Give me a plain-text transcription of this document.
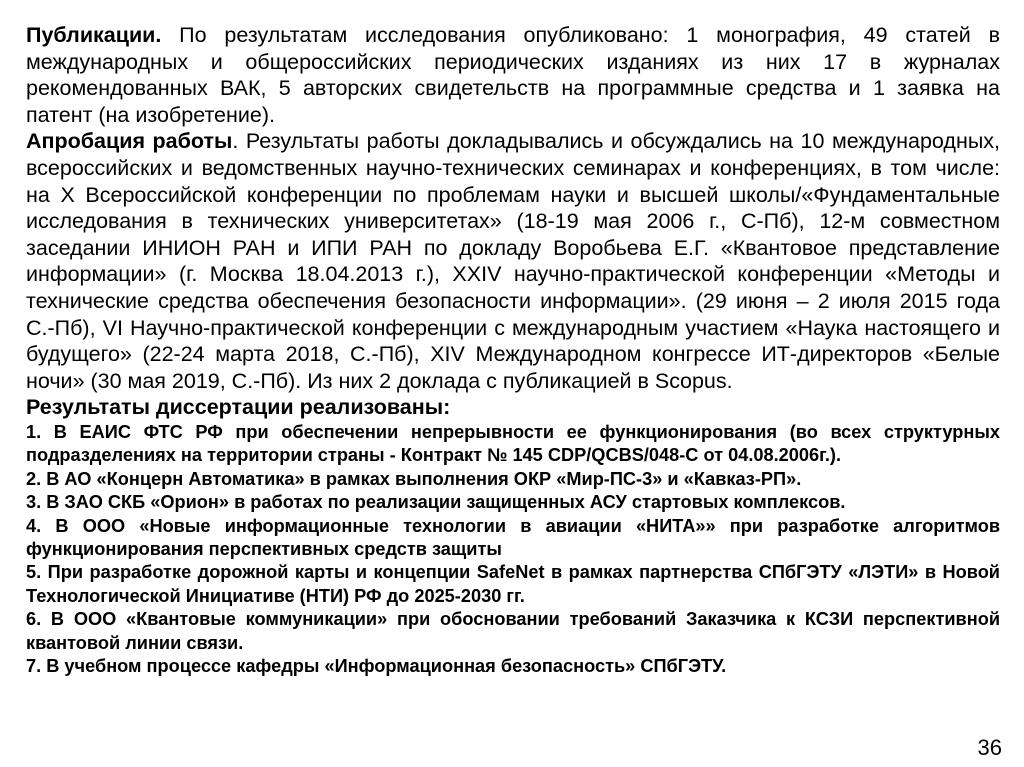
Публикации. По результатам исследования опубликовано: 1 монография, 49 статей в международных и общероссийских периодических изданиях из них 17 в журналах рекомендованных ВАК, 5 авторских свидетельств на программные средства и 1 заявка на патент (на изобретение).

Апробация работы. Результаты работы докладывались и обсуждались на 10 международных, всероссийских и ведомственных научно-технических семинарах и конференциях, в том числе: на X Всероссийской конференции по проблемам науки и высшей школы/«Фундаментальные исследования в технических университетах» (18-19 мая 2006 г., С-Пб), 12-м совместном заседании ИНИОН РАН и ИПИ РАН по докладу Воробьева Е.Г. «Квантовое представление информации» (г. Москва 18.04.2013 г.), XXIV научно-практической конференции «Методы и технические средства обеспечения безопасности информации». (29 июня – 2 июля 2015 года С.-Пб), VI Научно-практической конференции с международным участием «Наука настоящего и будущего» (22-24 марта 2018, С.-Пб), XIV Международном конгрессе ИТ-директоров «Белые ночи» (30 мая 2019, С.-Пб). Из них 2 доклада с публикацией в Scopus.

Результаты диссертации реализованы:

1. В ЕАИС ФТС РФ при обеспечении непрерывности ее функционирования (во всех структурных подразделениях на территории страны - Контракт № 145 CDP/QCBS/048-C от 04.08.2006г.).
2. В АО «Концерн Автоматика» в рамках выполнения ОКР «Мир-ПС-3» и «Кавказ-РП».
3. В ЗАО СКБ «Орион» в работах по реализации защищенных АСУ стартовых комплексов.
4. В ООО «Новые информационные технологии в авиации «НИТА»» при разработке алгоритмов функционирования перспективных средств защиты
5. При разработке дорожной карты и концепции SafeNet в рамках партнерства СПбГЭТУ «ЛЭТИ» в Новой Технологической Инициативе (НТИ) РФ до 2025-2030 гг.
6. В ООО «Квантовые коммуникации» при обосновании требований Заказчика к КСЗИ перспективной квантовой линии связи.
7. В учебном процессе кафедры «Информационная безопасность» СПбГЭТУ.
36
